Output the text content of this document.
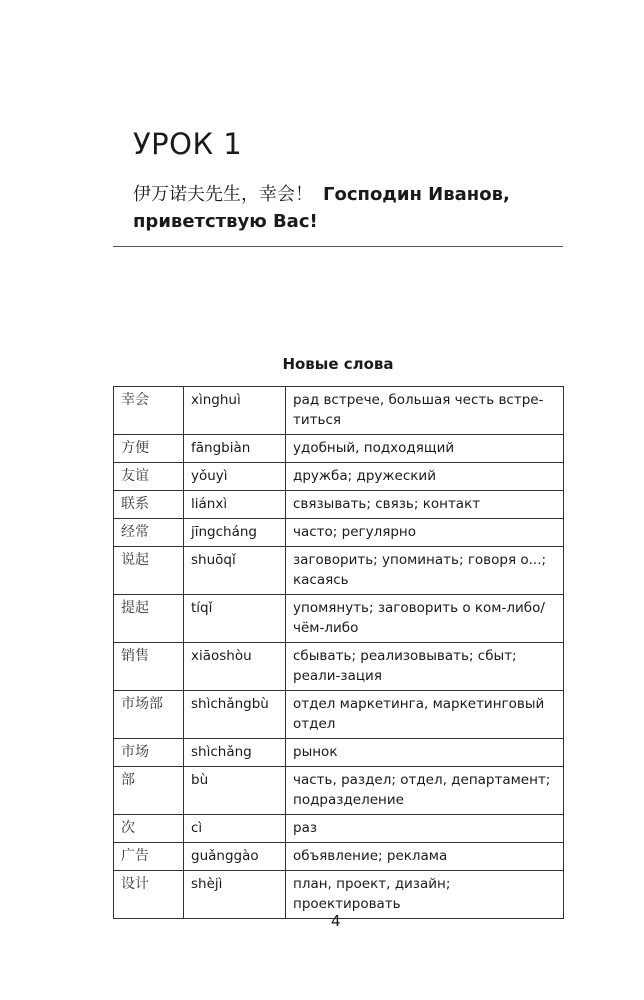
УРОК 1
伊万诺夫先生，幸会！ Господин Иванов, приветствую Вас!
Новые слова
幸会	xìnghuì	рад встрече, большая честь встре-титься
方便	fāngbiàn	удобный, подходящий
友谊	yǒuyì	дружба; дружеский
联系	liánxì	связывать; связь; контакт
经常	jīngcháng	часто; регулярно
说起	shuōqǐ	заговорить; упоминать; говоря о...; касаясь
提起	tíqǐ	упомянуть; заговорить о ком-либо/ чём-либо
销售	xiāoshòu	сбывать; реализовывать; сбыт; реали-зация
市场部	shìchǎngbù	отдел маркетинга, маркетинговый отдел
市场	shìchǎng	рынок
部	bù	часть, раздел; отдел, департамент; подразделение
次	cì	раз
广告	guǎnggào	объявление; реклама
设计	shèjì	план, проект, дизайн; проектировать
4
